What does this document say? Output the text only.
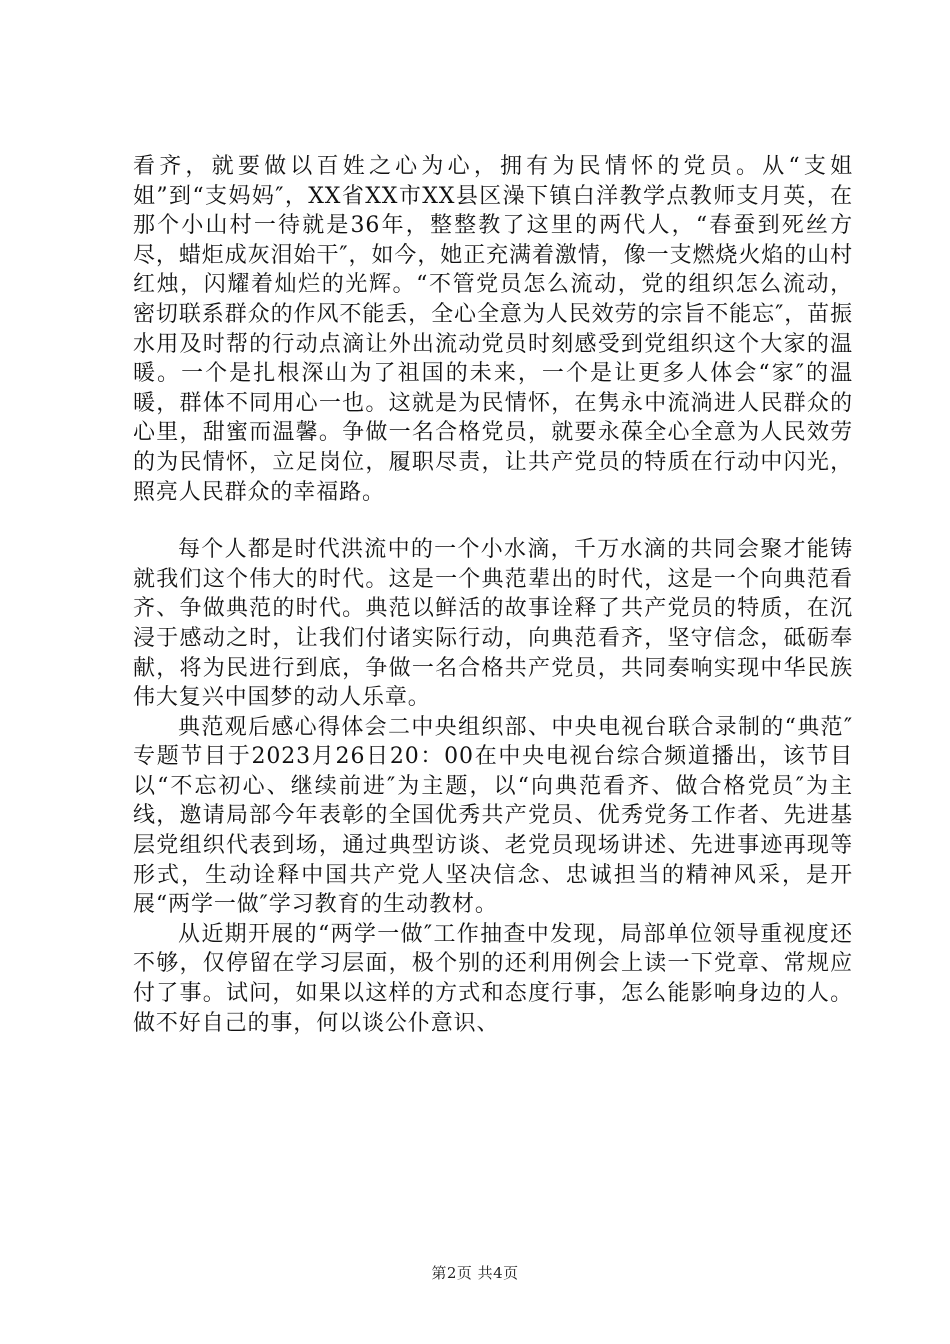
看齐，就要做以百姓之心为心，拥有为民情怀的党员。从“支姐姐”到“支妈妈″，XX省XX市XX县区澡下镇白洋教学点教师支月英，在那个小山村一待就是36年，整整教了这里的两代人，“春蚕到死丝方尽，蜡炬成灰泪始干″，如今，她正充满着激情，像一支燃烧火焰的山村红烛，闪耀着灿烂的光辉。“不管党员怎么流动，党的组织怎么流动，密切联系群众的作风不能丢，全心全意为人民效劳的宗旨不能忘″，苗振水用及时帮的行动点滴让外出流动党员时刻感受到党组织这个大家的温暖。一个是扎根深山为了祖国的未来，一个是让更多人体会“家″的温暖，群体不同用心一也。这就是为民情怀，在隽永中流淌进人民群众的心里，甜蜜而温馨。争做一名合格党员，就要永葆全心全意为人民效劳的为民情怀，立足岗位，履职尽责，让共产党员的特质在行动中闪光，照亮人民群众的幸福路。

每个人都是时代洪流中的一个小水滴，千万水滴的共同会聚才能铸就我们这个伟大的时代。这是一个典范辈出的时代，这是一个向典范看齐、争做典范的时代。典范以鲜活的故事诠释了共产党员的特质，在沉浸于感动之时，让我们付诸实际行动，向典范看齐，坚守信念，砥砺奉献，将为民进行到底，争做一名合格共产党员，共同奏响实现中华民族伟大复兴中国梦的动人乐章。

典范观后感心得体会二中央组织部、中央电视台联合录制的“典范″专题节目于2023月26日20：00在中央电视台综合频道播出，该节目以“不忘初心、继续前进″为主题，以“向典范看齐、做合格党员″为主线，邀请局部今年表彰的全国优秀共产党员、优秀党务工作者、先进基层党组织代表到场，通过典型访谈、老党员现场讲述、先进事迹再现等形式，生动诠释中国共产党人坚决信念、忠诚担当的精神风采，是开展“两学一做″学习教育的生动教材。

从近期开展的“两学一做″工作抽查中发现，局部单位领导重视度还不够，仅停留在学习层面，极个别的还利用例会上读一下党章、常规应付了事。试问，如果以这样的方式和态度行事，怎么能影响身边的人。做不好自己的事，何以谈公仆意识、

第2页 共4页
